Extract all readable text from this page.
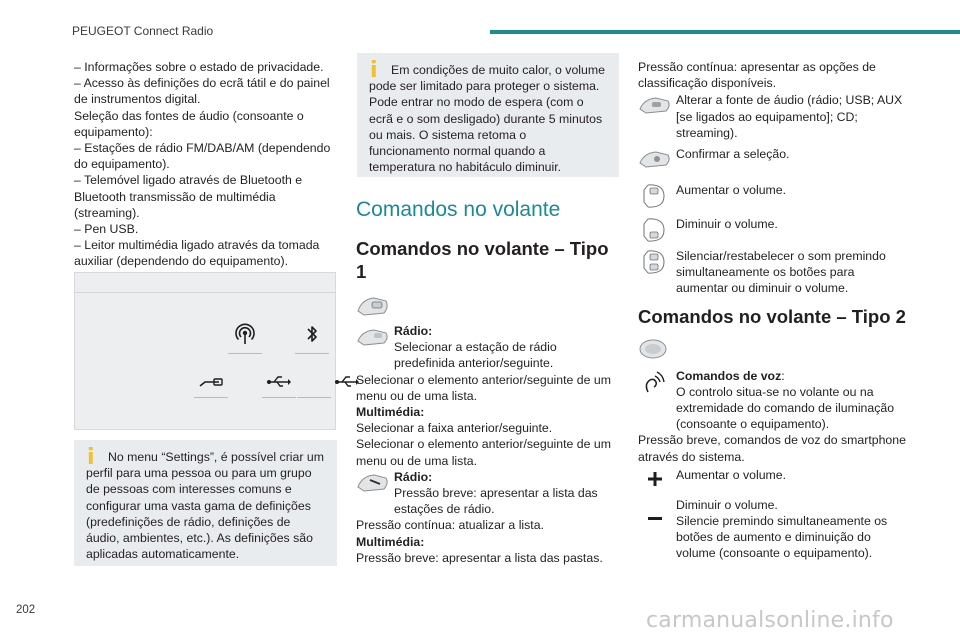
PEUGEOT Connect Radio

– Informações sobre o estado de privacidade.

– Acesso às definições do ecrã tátil e do painel de instrumentos digital.

Seleção das fontes de áudio (consoante o equipamento):

– Estações de rádio FM/DAB/AM (dependendo do equipamento).

– Telemóvel ligado através de Bluetooth e Bluetooth transmissão de multimédia (streaming).

– Pen USB.

– Leitor multimédia ligado através da tomada auxiliar (dependendo do equipamento).

i	No menu “Settings”, é possível criar um perfil para uma pessoa ou para um grupo de pessoas com interesses comuns e configurar uma vasta gama de definições (predefinições de rádio, definições de áudio, ambientes, etc.). As definições são aplicadas automaticamente.

i	Em condições de muito calor, o volume pode ser limitado para proteger o sistema. Pode entrar no modo de espera (com o ecrã e o som desligado) durante 5 minutos ou mais. O sistema retoma o funcionamento normal quando a temperatura no habitáculo diminuir.

Comandos no volante
Comandos no volante – Tipo 1

Rádio:

Selecionar a estação de rádio predefinida anterior/seguinte.

Selecionar o elemento anterior/seguinte de um menu ou de uma lista.

Multimédia:

Selecionar a faixa anterior/seguinte.

Selecionar o elemento anterior/seguinte de um menu ou de uma lista.

Rádio:

Pressão breve: apresentar a lista das estações de rádio.

Pressão contínua: atualizar a lista.

Multimédia:

Pressão breve: apresentar a lista das pastas.

Pressão contínua: apresentar as opções de classificação disponíveis.

Alterar a fonte de áudio (rádio; USB; AUX [se ligados ao equipamento]; CD; streaming).

Confirmar a seleção.

Aumentar o volume.

Diminuir o volume.

Silenciar/restabelecer o som premindo simultaneamente os botões para aumentar ou diminuir o volume.

Comandos no volante – Tipo 2

Comandos de voz:

O controlo situa-se no volante ou na extremidade do comando de iluminação (consoante o equipamento).

Pressão breve, comandos de voz do smartphone através do sistema.

Aumentar o volume.

Diminuir o volume.

Silencie premindo simultaneamente os botões de aumento e diminuição do volume (consoante o equipamento).

202	carmanualsonline.info
